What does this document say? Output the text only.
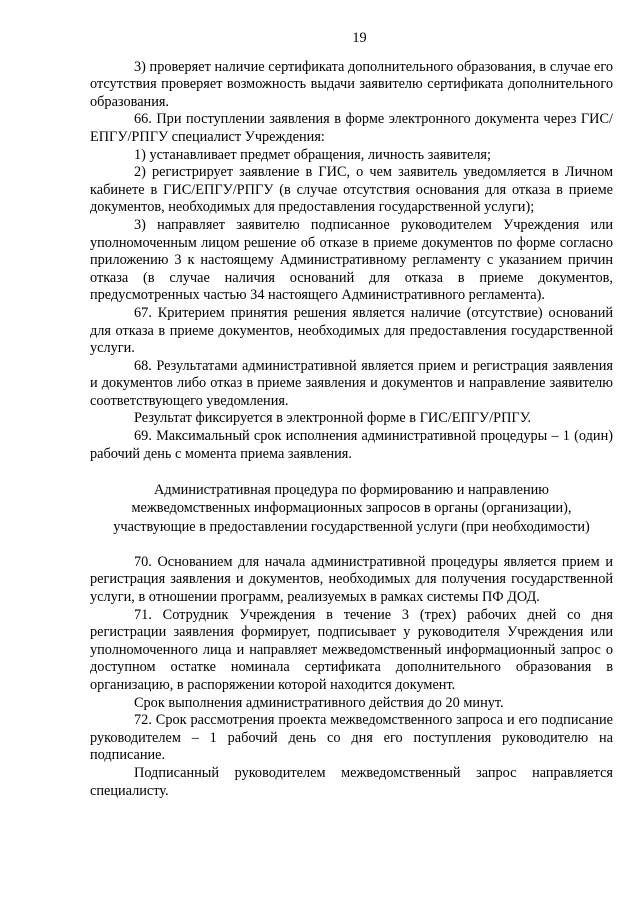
19

3) проверяет наличие сертификата дополнительного образования, в случае его отсутствия проверяет возможность выдачи заявителю сертификата дополнительного образования.

66. При поступлении заявления в форме электронного документа через ГИС/ЕПГУ/РПГУ специалист Учреждения:

1) устанавливает предмет обращения, личность заявителя;

2) регистрирует заявление в ГИС, о чем заявитель уведомляется в Личном кабинете в ГИС/ЕПГУ/РПГУ (в случае отсутствия основания для отказа в приеме документов, необходимых для предоставления государственной услуги);

3) направляет заявителю подписанное руководителем Учреждения или уполномоченным лицом решение об отказе в приеме документов по форме согласно приложению 3 к настоящему Административному регламенту с указанием причин отказа (в случае наличия оснований для отказа в приеме документов, предусмотренных частью 34 настоящего Административного регламента).

67. Критерием принятия решения является наличие (отсутствие) оснований для отказа в приеме документов, необходимых для предоставления государственной услуги.

68. Результатами административной является прием и регистрация заявления и документов либо отказ в приеме заявления и документов и направление заявителю соответствующего уведомления.

Результат фиксируется в электронной форме в ГИС/ЕПГУ/РПГУ.

69. Максимальный срок исполнения административной процедуры – 1 (один) рабочий день с момента приема заявления.

Административная процедура по формированию и направлению
межведомственных информационных запросов в органы (организации),
участвующие в предоставлении государственной услуги (при необходимости)

70. Основанием для начала административной процедуры является прием и регистрация заявления и документов, необходимых для получения государственной услуги, в отношении программ, реализуемых в рамках системы ПФ ДОД.

71. Сотрудник Учреждения в течение 3 (трех) рабочих дней со дня регистрации заявления формирует, подписывает у руководителя Учреждения или уполномоченного лица и направляет межведомственный информационный запрос о доступном остатке номинала сертификата дополнительного образования в организацию, в распоряжении которой находится документ.

Срок выполнения административного действия до 20 минут.

72. Срок рассмотрения проекта межведомственного запроса и его подписание руководителем – 1 рабочий день со дня его поступления руководителю на подписание.

Подписанный руководителем межведомственный запрос направляется специалисту.
